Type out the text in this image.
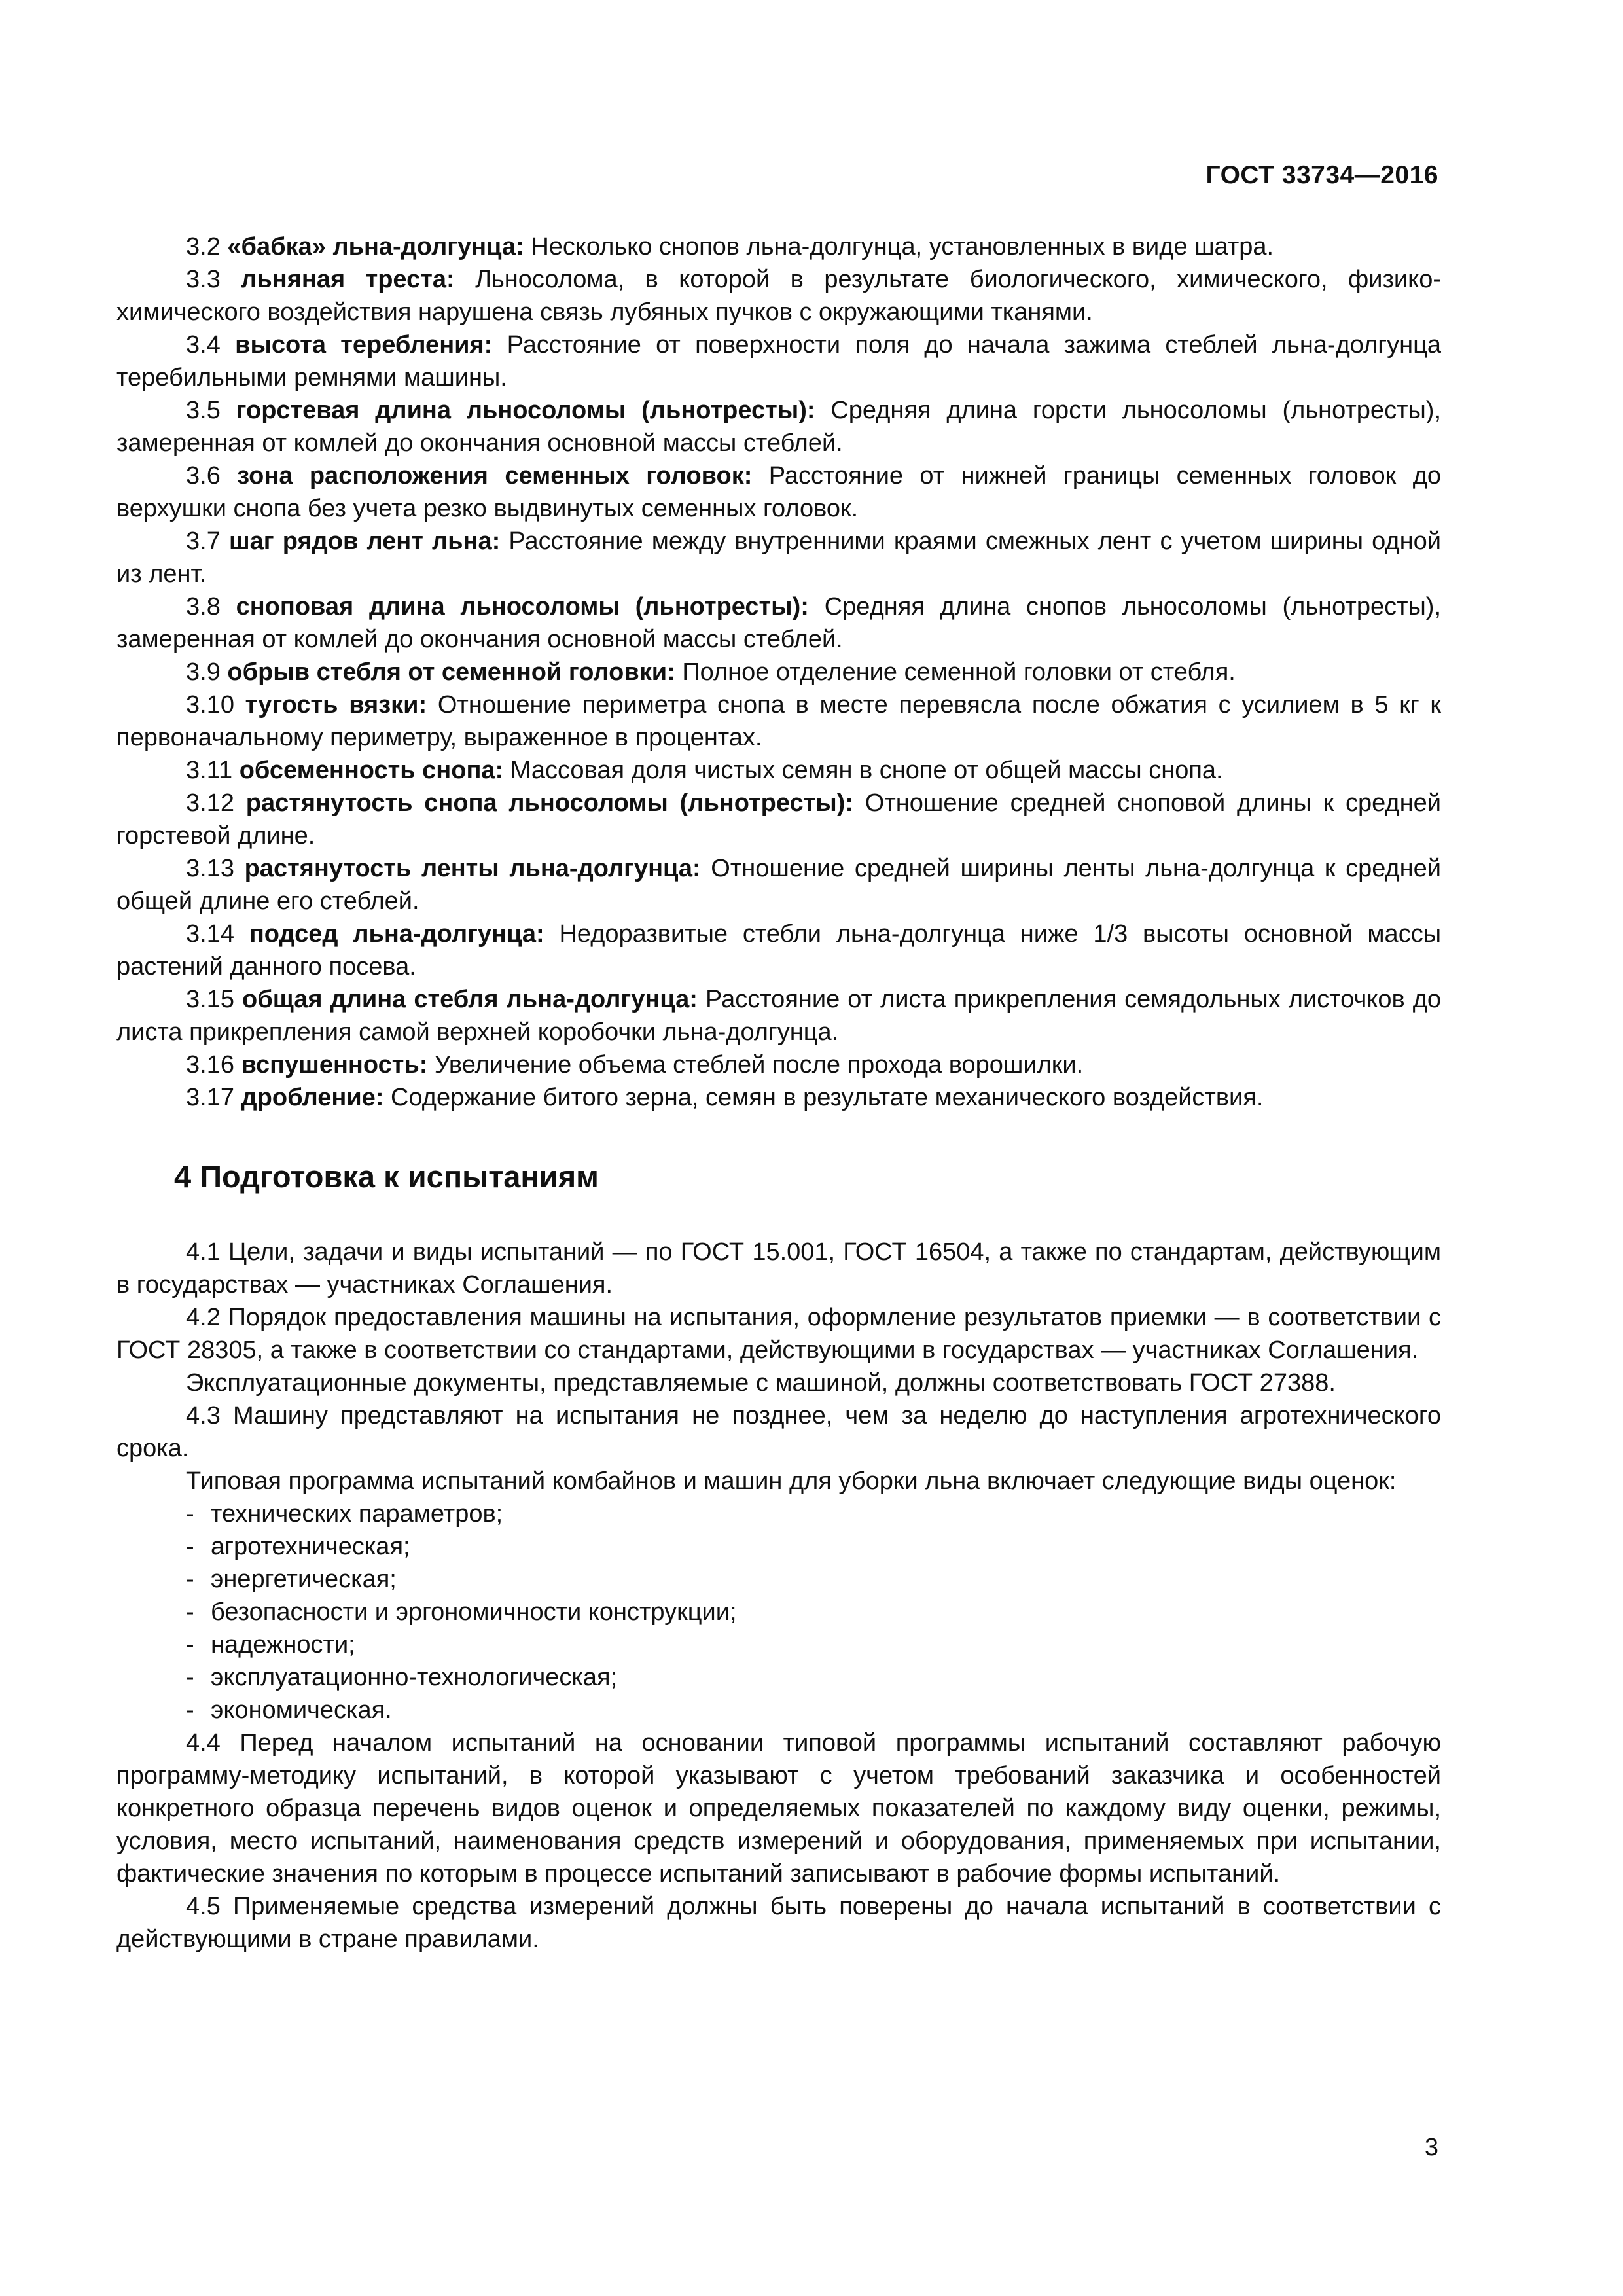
ГОСТ 33734—2016

3.2 «бабка» льна-долгунца: Несколько снопов льна-долгунца, установленных в виде шатра.

3.3 льняная треста: Льносолома, в которой в результате биологического, химического, физико-химического воздействия нарушена связь лубяных пучков с окружающими тканями.

3.4 высота теребления: Расстояние от поверхности поля до начала зажима стеблей льна-долгунца теребильными ремнями машины.

3.5 горстевая длина льносоломы (льнотресты): Средняя длина горсти льносоломы (льнотресты), замеренная от комлей до окончания основной массы стеблей.

3.6 зона расположения семенных головок: Расстояние от нижней границы семенных головок до верхушки снопа без учета резко выдвинутых семенных головок.

3.7 шаг рядов лент льна: Расстояние между внутренними краями смежных лент с учетом ширины одной из лент.

3.8 сноповая длина льносоломы (льнотресты): Средняя длина снопов льносоломы (льнотресты), замеренная от комлей до окончания основной массы стеблей.

3.9 обрыв стебля от семенной головки: Полное отделение семенной головки от стебля.

3.10 тугость вязки: Отношение периметра снопа в месте перевясла после обжатия с усилием в 5 кг к первоначальному периметру, выраженное в процентах.

3.11 обсеменность снопа: Массовая доля чистых семян в снопе от общей массы снопа.

3.12 растянутость снопа льносоломы (льнотресты): Отношение средней сноповой длины к средней горстевой длине.

3.13 растянутость ленты льна-долгунца: Отношение средней ширины ленты льна-долгунца к средней общей длине его стеблей.

3.14 подсед льна-долгунца: Недоразвитые стебли льна-долгунца ниже 1/3 высоты основной массы растений данного посева.

3.15 общая длина стебля льна-долгунца: Расстояние от листа прикрепления семядольных листочков до листа прикрепления самой верхней коробочки льна-долгунца.

3.16 вспушенность: Увеличение объема стеблей после прохода ворошилки.

3.17 дробление: Содержание битого зерна, семян в результате механического воздействия.

4 Подготовка к испытаниям

4.1 Цели, задачи и виды испытаний — по ГОСТ 15.001, ГОСТ 16504, а также по стандартам, действующим в государствах — участниках Соглашения.

4.2 Порядок предоставления машины на испытания, оформление результатов приемки — в соответствии с ГОСТ 28305, а также в соответствии со стандартами, действующими в государствах — участниках Соглашения.

Эксплуатационные документы, представляемые с машиной, должны соответствовать ГОСТ 27388.

4.3 Машину представляют на испытания не позднее, чем за неделю до наступления агротехнического срока.

Типовая программа испытаний комбайнов и машин для уборки льна включает следующие виды оценок:

- технических параметров;
- агротехническая;
- энергетическая;
- безопасности и эргономичности конструкции;
- надежности;
- эксплуатационно-технологическая;
- экономическая.

4.4 Перед началом испытаний на основании типовой программы испытаний составляют рабочую программу-методику испытаний, в которой указывают с учетом требований заказчика и особенностей конкретного образца перечень видов оценок и определяемых показателей по каждому виду оценки, режимы, условия, место испытаний, наименования средств измерений и оборудования, применяемых при испытании, фактические значения по которым в процессе испытаний записывают в рабочие формы испытаний.

4.5 Применяемые средства измерений должны быть поверены до начала испытаний в соответствии с действующими в стране правилами.

3
